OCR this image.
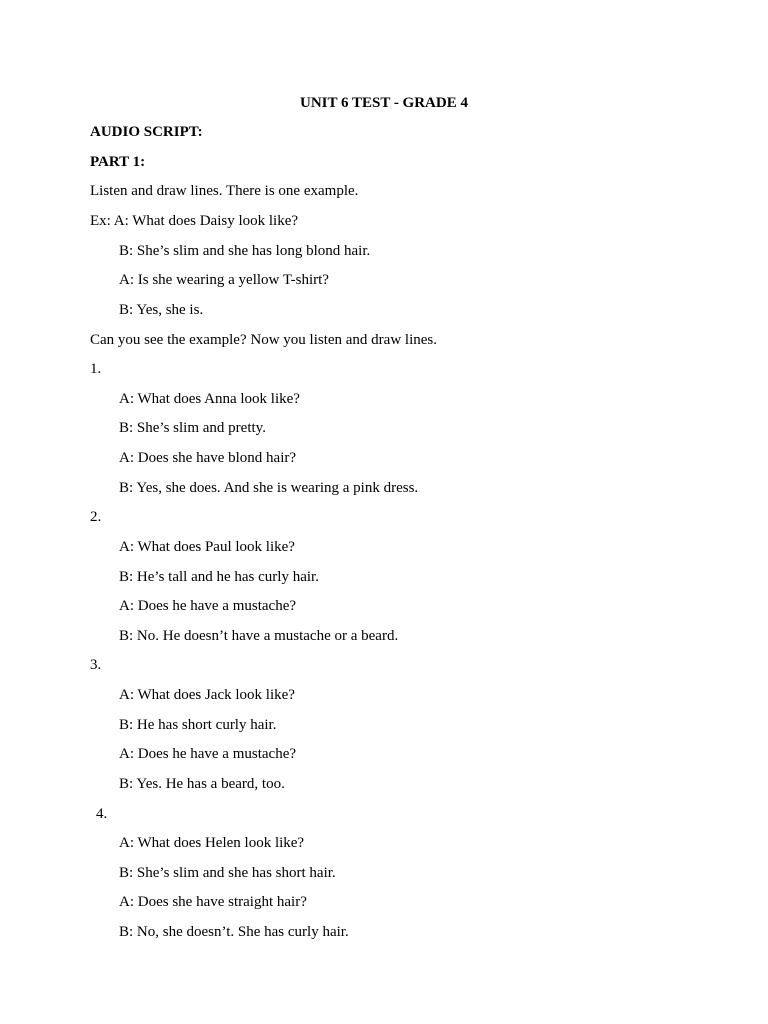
UNIT 6 TEST - GRADE 4
AUDIO SCRIPT:
PART 1:
Listen and draw lines. There is one example.
Ex: A: What does Daisy look like?
B: She’s slim and she has long blond hair.
A: Is she wearing a yellow T-shirt?
B: Yes, she is.
Can you see the example? Now you listen and draw lines.
1.
A: What does Anna look like?
B: She’s slim and pretty.
A: Does she have blond hair?
B: Yes, she does. And she is wearing a pink dress.
2.
A: What does Paul look like?
B: He’s tall and he has curly hair.
A: Does he have a mustache?
B: No. He doesn’t have a mustache or a beard.
3.
A: What does Jack look like?
B: He has short curly hair.
A: Does he have a mustache?
B: Yes. He has a beard, too.
4.
A: What does Helen look like?
B: She’s slim and she has short hair.
A: Does she have straight hair?
B: No, she doesn’t. She has curly hair.
